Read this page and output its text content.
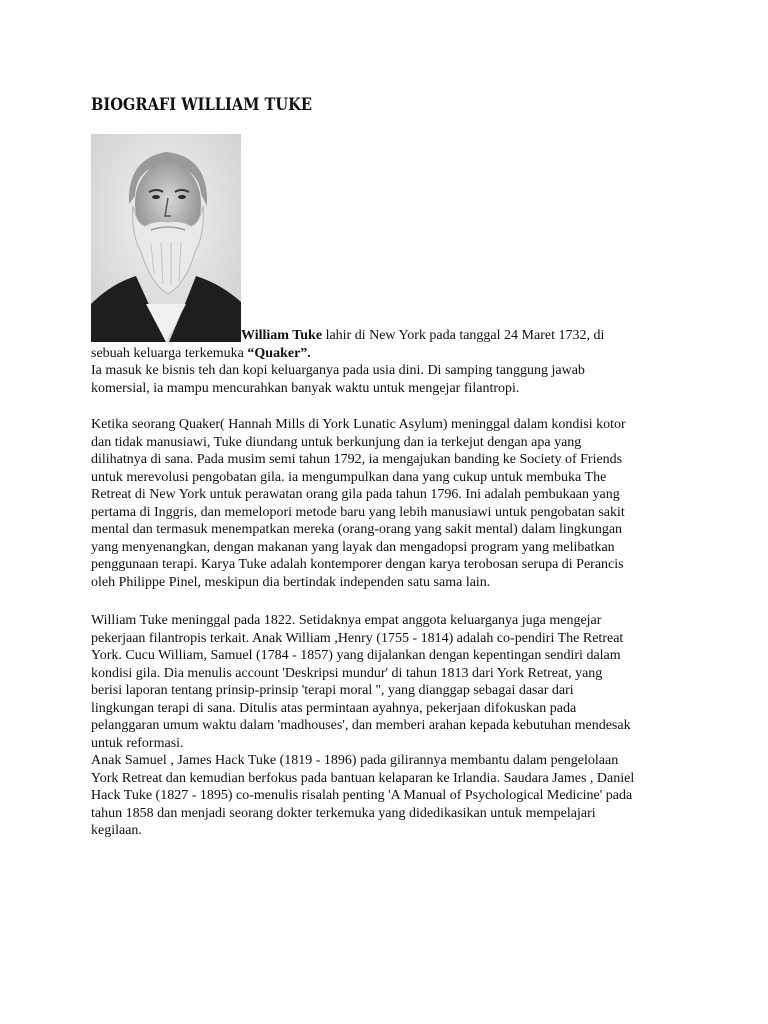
BIOGRAFI WILLIAM TUKE
William Tuke lahir di New York pada tanggal 24 Maret 1732, di
sebuah keluarga terkemuka “Quaker”.
Ia masuk ke bisnis teh dan kopi keluarganya pada usia dini. Di samping tanggung jawab
komersial, ia mampu mencurahkan banyak waktu untuk mengejar filantropi.
Ketika seorang Quaker( Hannah Mills di York Lunatic Asylum) meninggal dalam kondisi kotor
dan tidak manusiawi, Tuke diundang untuk berkunjung dan ia terkejut dengan apa yang
dilihatnya di sana. Pada musim semi tahun 1792, ia mengajukan banding ke Society of Friends
untuk merevolusi pengobatan gila. ia mengumpulkan dana yang cukup untuk membuka The
Retreat di New York untuk perawatan orang gila pada tahun 1796. Ini adalah pembukaan yang
pertama di Inggris, dan memelopori metode baru yang lebih manusiawi untuk pengobatan sakit
mental dan termasuk menempatkan mereka (orang-orang yang sakit mental) dalam lingkungan
yang menyenangkan, dengan makanan yang layak dan mengadopsi program yang melibatkan
penggunaan terapi. Karya Tuke adalah kontemporer dengan karya terobosan serupa di Perancis
oleh Philippe Pinel, meskipun dia bertindak independen satu sama lain.
William Tuke meninggal pada 1822. Setidaknya empat anggota keluarganya juga mengejar
pekerjaan filantropis terkait. Anak William ,Henry (1755 - 1814) adalah co-pendiri The Retreat
York. Cucu William, Samuel (1784 - 1857) yang dijalankan dengan kepentingan sendiri dalam
kondisi gila. Dia menulis account 'Deskripsi mundur' di tahun 1813 dari York Retreat, yang
berisi laporan tentang prinsip-prinsip 'terapi moral '', yang dianggap sebagai dasar dari
lingkungan terapi di sana. Ditulis atas permintaan ayahnya, pekerjaan difokuskan pada
pelanggaran umum waktu dalam 'madhouses', dan memberi arahan kepada kebutuhan mendesak
untuk reformasi.
Anak Samuel , James Hack Tuke (1819 - 1896) pada gilirannya membantu dalam pengelolaan
York Retreat dan kemudian berfokus pada bantuan kelaparan ke Irlandia. Saudara James , Daniel
Hack Tuke (1827 - 1895) co-menulis risalah penting 'A Manual of Psychological Medicine' pada
tahun 1858 dan menjadi seorang dokter terkemuka yang didedikasikan untuk mempelajari
kegilaan.
